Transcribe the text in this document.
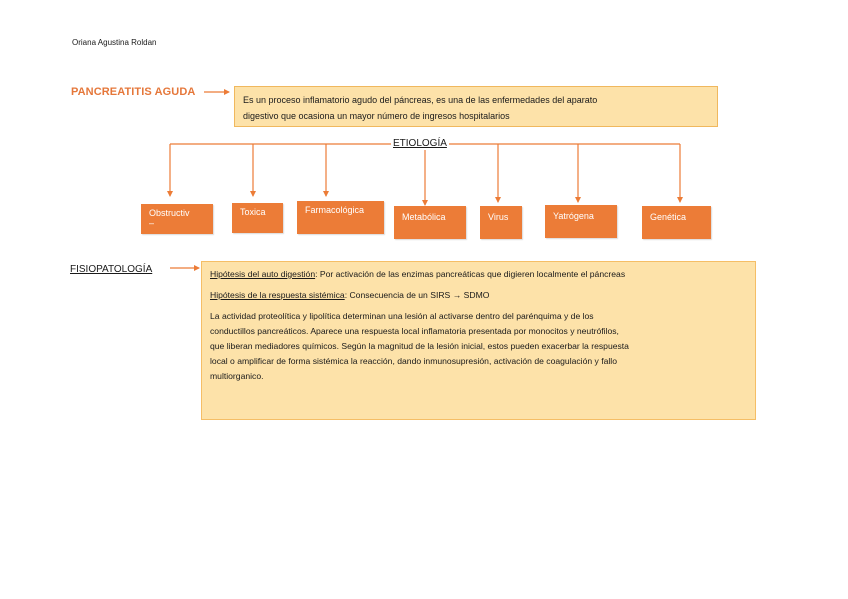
Oriana Agustina Roldan
PANCREATITIS AGUDA
Es un proceso inflamatorio agudo del páncreas, es una de las enfermedades del aparato
digestivo que ocasiona un mayor número de ingresos hospitalarios
ETIOLOGÍA
Obstructiv
–
Toxica	Farmacológica
Metabólica	Virus	Yatrógena	Genética
FISIOPATOLOGÍA	Hipótesis del auto digestión: Por activación de las enzimas pancreáticas que digieren localmente el páncreas

Hipótesis de la respuesta sistémica: Consecuencia de un SIRS → SDMO

La actividad proteolítica y lipolítica determinan una lesión al activarse dentro del parénquima y de los
conductillos pancreáticos. Aparece una respuesta local inflamatoria presentada por monocitos y neutrófilos,
que liberan mediadores químicos. Según la magnitud de la lesión inicial, estos pueden exacerbar la respuesta
local o amplificar de forma sistémica la reacción, dando inmunosupresión, activación de coagulación y fallo
multiorganico.
